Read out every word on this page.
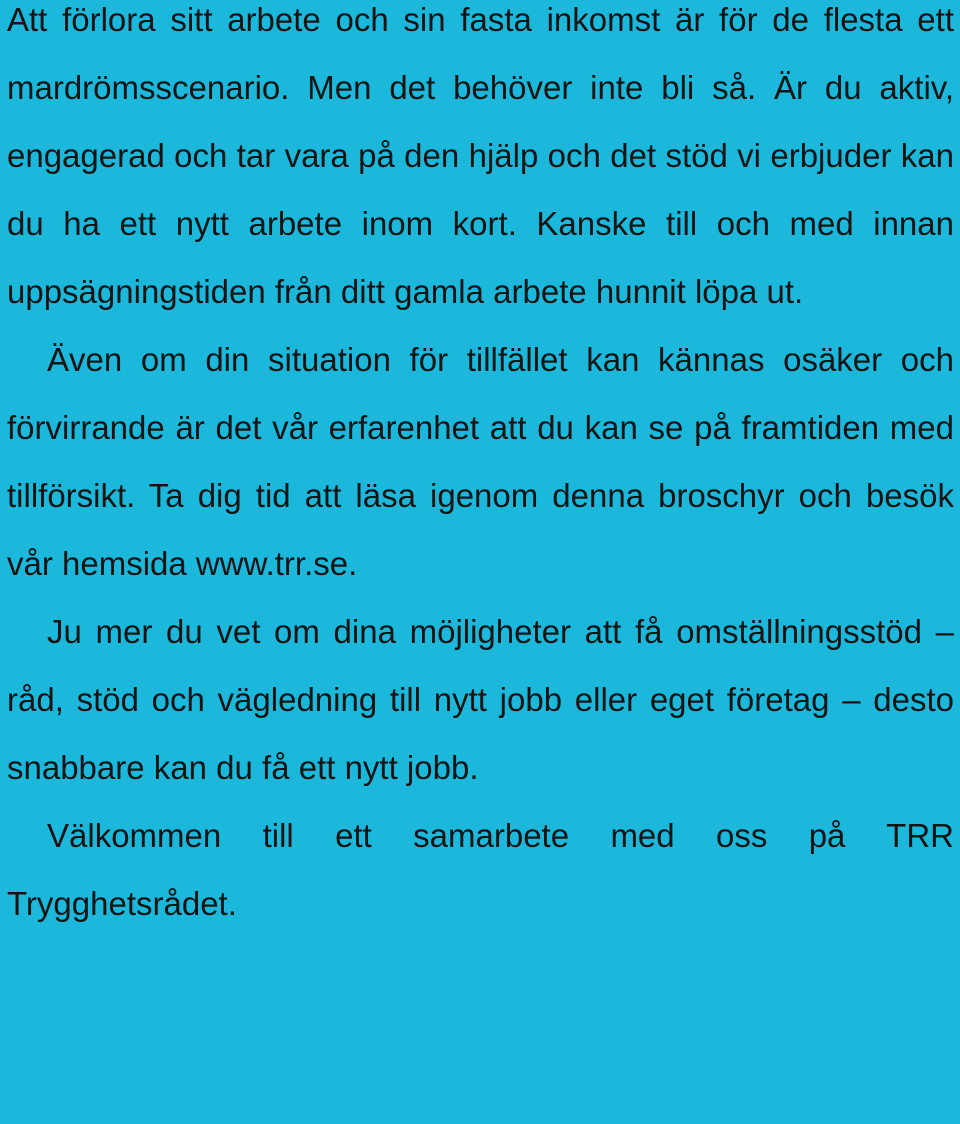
Att förlora sitt arbete och sin fasta inkomst är för de flesta ett mardrömsscenario. Men det behöver inte bli så. Är du aktiv, engagerad och tar vara på den hjälp och det stöd vi erbjuder kan du ha ett nytt arbete inom kort. Kanske till och med innan uppsägningstiden från ditt gamla arbete hunnit löpa ut.

Även om din situation för tillfället kan kännas osäker och förvirrande är det vår erfarenhet att du kan se på framtiden med tillförsikt. Ta dig tid att läsa igenom denna broschyr och besök vår hemsida www.trr.se.

Ju mer du vet om dina möjligheter att få omställningsstöd – råd, stöd och vägledning till nytt jobb eller eget företag – desto snabbare kan du få ett nytt jobb.

Välkommen till ett samarbete med oss på TRR Trygghetsrådet.
